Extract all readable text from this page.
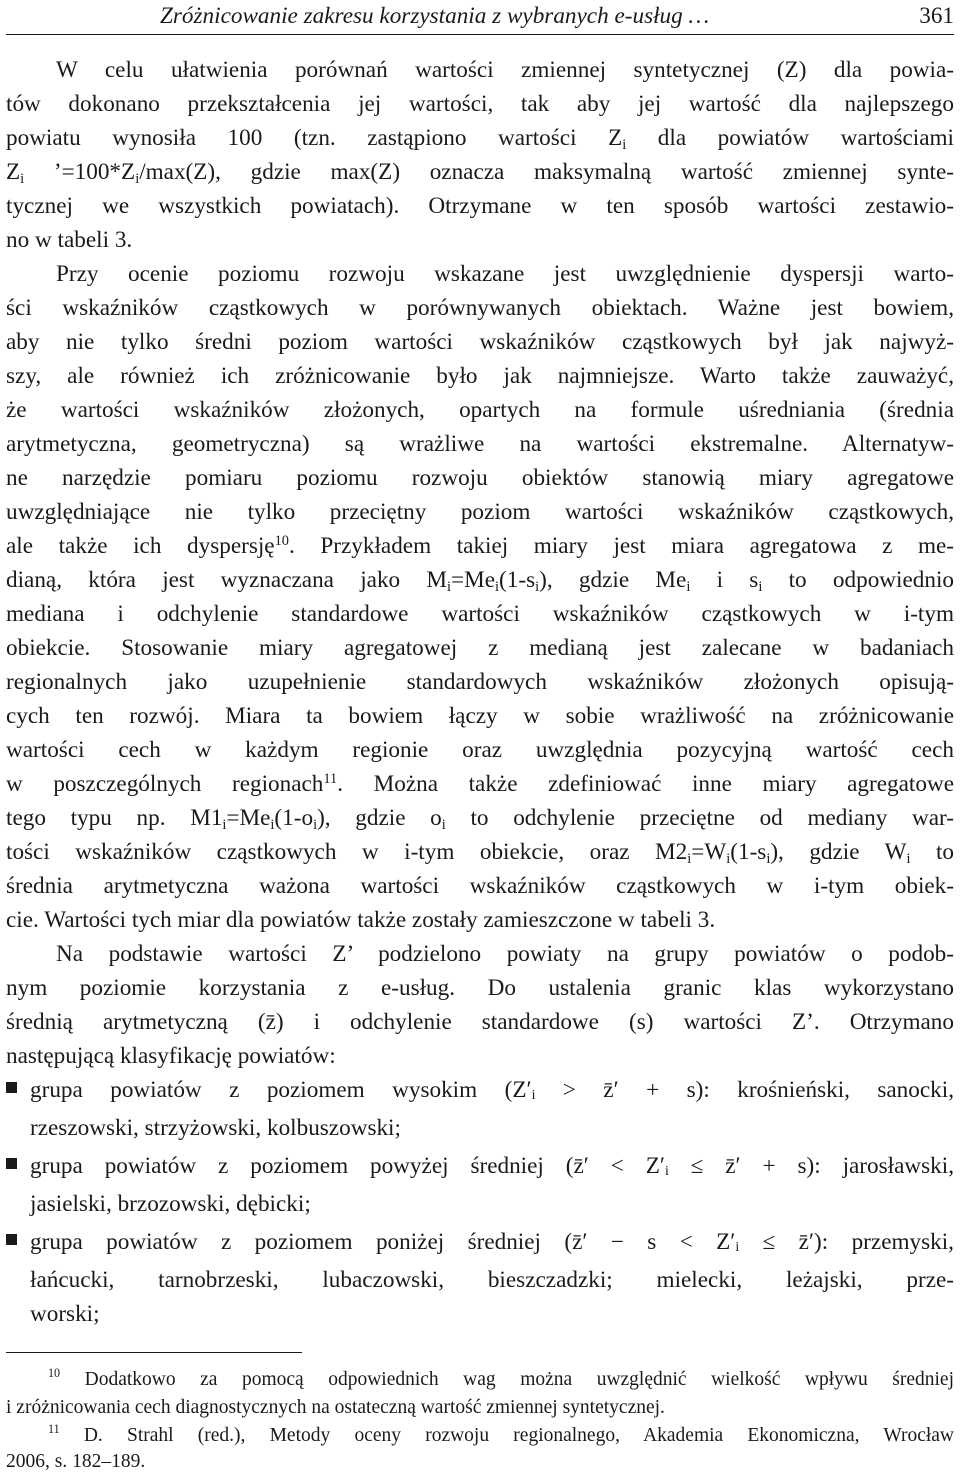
Zróżnicowanie zakresu korzystania z wybranych e-usług …	361
W celu ułatwienia porównań wartości zmiennej syntetycznej (Z) dla powia-
tów dokonano przekształcenia jej wartości, tak aby jej wartość dla najlepszego
powiatu wynosiła 100 (tzn. zastąpiono wartości $Z_i$ dla powiatów wartościami
$Z_i$ $’=100*Z_i/\max(Z)$, gdzie max(Z) oznacza maksymalną wartość zmiennej synte-
tycznej we wszystkich powiatach). Otrzymane w ten sposób wartości zestawio-
no w tabeli 3.
Przy ocenie poziomu rozwoju wskazane jest uwzględnienie dyspersji warto-
ści wskaźników cząstkowych w porównywanych obiektach. Ważne jest bowiem,
aby nie tylko średni poziom wartości wskaźników cząstkowych był jak najwyż-
szy, ale również ich zróżnicowanie było jak najmniejsze. Warto także zauważyć,
że wartości wskaźników złożonych, opartych na formule uśredniania (średnia
arytmetyczna, geometryczna) są wrażliwe na wartości ekstremalne. Alternatyw-
ne narzędzie pomiaru poziomu rozwoju obiektów stanowią miary agregatowe
uwzględniające nie tylko przeciętny poziom wartości wskaźników cząstkowych,
ale także ich dyspersję$^{10}$. Przykładem takiej miary jest miara agregatowa z me-
dianą, która jest wyznaczana jako $M_i=Me_i(1-s_i)$, gdzie $Me_i$ i $s_i$ to odpowiednio
mediana i odchylenie standardowe wartości wskaźników cząstkowych w i-tym
obiekcie. Stosowanie miary agregatowej z medianą jest zalecane w badaniach
regionalnych jako uzupełnienie standardowych wskaźników złożonych opisują-
cych ten rozwój. Miara ta bowiem łączy w sobie wrażliwość na zróżnicowanie
wartości cech w każdym regionie oraz uwzględnia pozycyjną wartość cech
w poszczególnych regionach$^{11}$. Można także zdefiniować inne miary agregatowe
tego typu np. $M1_i=Me_i(1-o_i)$, gdzie $o_i$ to odchylenie przeciętne od mediany war-
tości wskaźników cząstkowych w i-tym obiekcie, oraz $M2_i=W_i(1-s_i)$, gdzie $W_i$ to
średnia arytmetyczna ważona wartości wskaźników cząstkowych w i-tym obiek-
cie. Wartości tych miar dla powiatów także zostały zamieszczone w tabeli 3.
Na podstawie wartości Z’ podzielono powiaty na grupy powiatów o podob-
nym poziomie korzystania z e-usług. Do ustalenia granic klas wykorzystano
średnią arytmetyczną (z̄) i odchylenie standardowe (s) wartości Z’. Otrzymano
następującą klasyfikację powiatów:
grupa powiatów z poziomem wysokim (Z′ᵢ > z̄′ + s): krośnieński, sanocki,
rzeszowski, strzyżowski, kolbuszowski;
grupa powiatów z poziomem powyżej średniej (z̄′ < Z′ᵢ ≤ z̄′ + s): jarosławski,
jasielski, brzozowski, dębicki;
grupa powiatów z poziomem poniżej średniej (z̄′ − s < Z′ᵢ ≤ z̄′): przemyski,
łańcucki, tarnobrzeski, lubaczowski, bieszczadzki; mielecki, leżajski, prze-
worski;
$^{10}$ Dodatkowo za pomocą odpowiednich wag można uwzględnić wielkość wpływu średniej
i zróżnicowania cech diagnostycznych na ostateczną wartość zmiennej syntetycznej.
$^{11}$ D. Strahl (red.), Metody oceny rozwoju regionalnego, Akademia Ekonomiczna, Wrocław
2006, s. 182–189.
